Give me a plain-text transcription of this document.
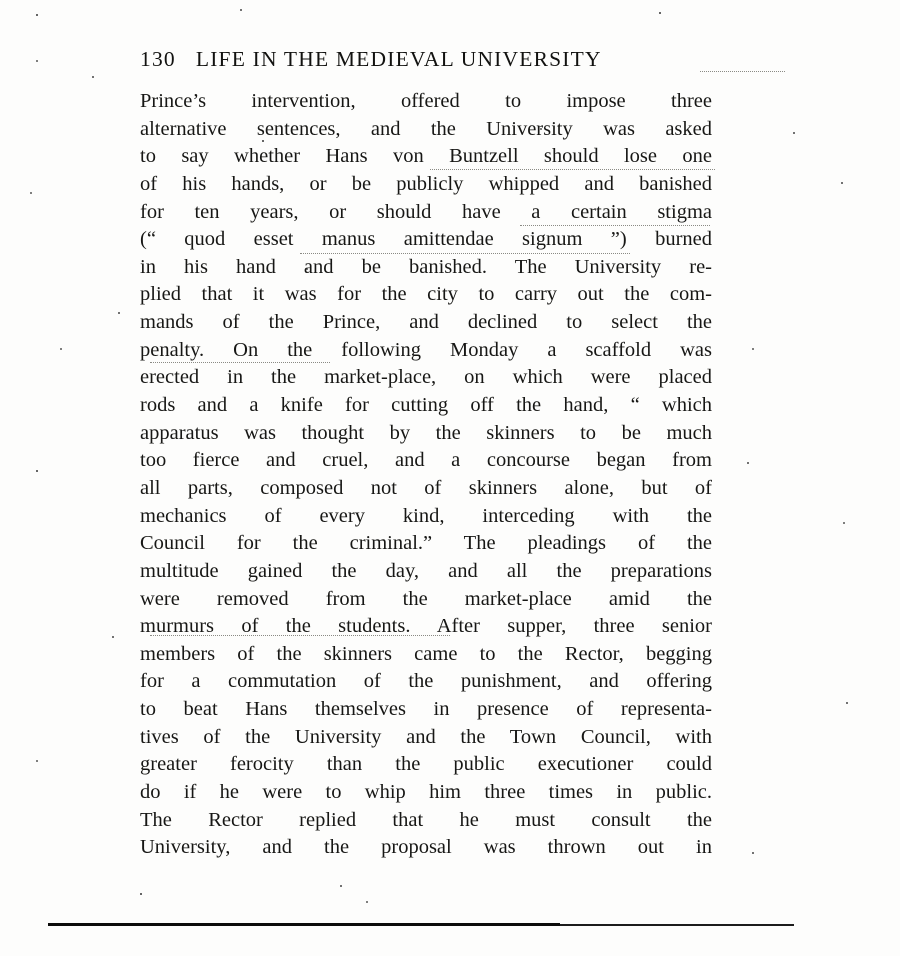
130 LIFE IN THE MEDIEVAL UNIVERSITY
Prince’s intervention, offered to impose three
alternative sentences, and the University was asked
to say whether Hans von Buntzell should lose one
of his hands, or be publicly whipped and banished
for ten years, or should have a certain stigma
(“ quod esset manus amittendae signum ”) burned
in his hand and be banished. The University re-
plied that it was for the city to carry out the com-
mands of the Prince, and declined to select the
penalty. On the following Monday a scaffold was
erected in the market-place, on which were placed
rods and a knife for cutting off the hand, “ which
apparatus was thought by the skinners to be much
too fierce and cruel, and a concourse began from
all parts, composed not of skinners alone, but of
mechanics of every kind, interceding with the
Council for the criminal.” The pleadings of the
multitude gained the day, and all the preparations
were removed from the market-place amid the
murmurs of the students. After supper, three senior
members of the skinners came to the Rector, begging
for a commutation of the punishment, and offering
to beat Hans themselves in presence of representa-
tives of the University and the Town Council, with
greater ferocity than the public executioner could
do if he were to whip him three times in public.
The Rector replied that he must consult the
University, and the proposal was thrown out in
